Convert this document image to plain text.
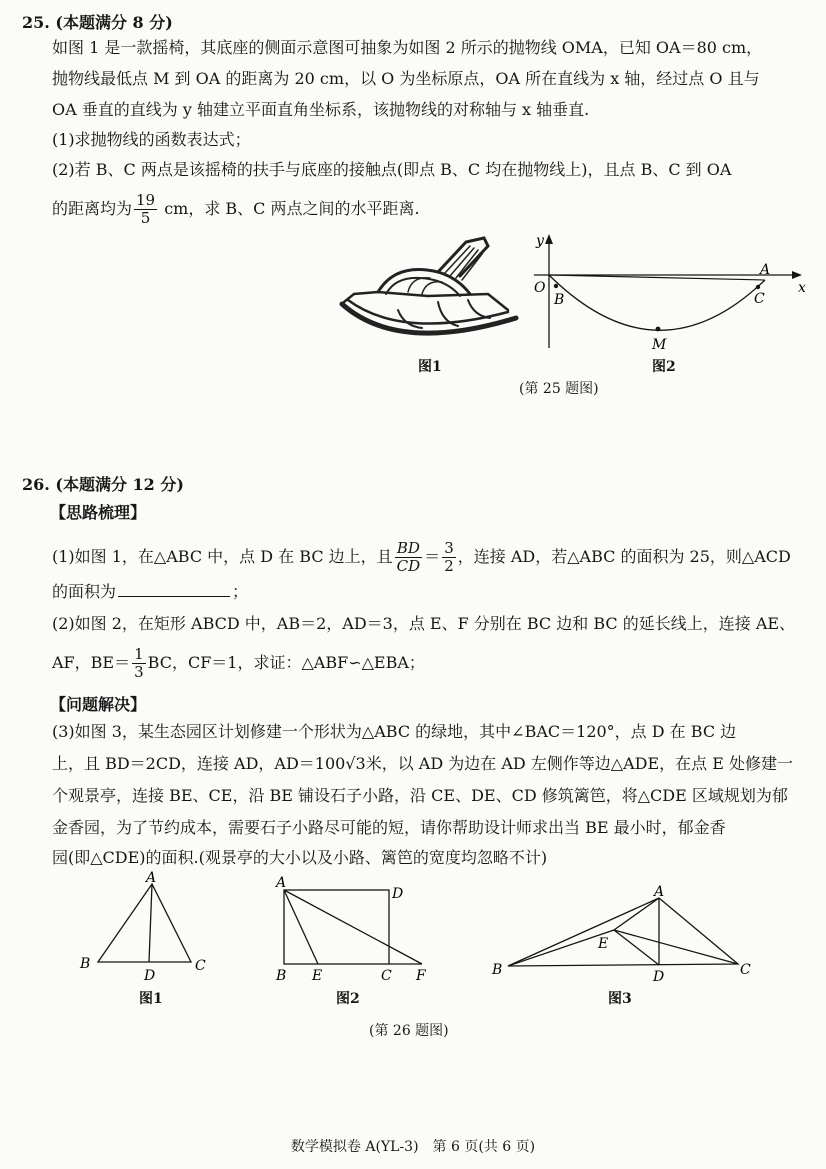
25. (本题满分 8 分)
如图 1 是一款摇椅，其底座的侧面示意图可抽象为如图 2 所示的抛物线 OMA，已知 OA＝80 cm，
抛物线最低点 M 到 OA 的距离为 20 cm，以 O 为坐标原点，OA 所在直线为 x 轴，经过点 O 且与
OA 垂直的直线为 y 轴建立平面直角坐标系，该抛物线的对称轴与 x 轴垂直.
(1)求抛物线的函数表达式；
(2)若 B、C 两点是该摇椅的扶手与底座的接触点(即点 B、C 均在抛物线上)，且点 B、C 到 OA
的距离均为 $\frac{19}{5}$ cm，求 B、C 两点之间的水平距离.
图1
y
x
O
A
B	C
M
图2
(第 25 题图)
26. (本题满分 12 分)
【思路梳理】
(1)如图 1，在△ABC 中，点 D 在 BC 边上，且 $\frac{BD}{CD} = \frac{3}{2}$ ，连接 AD，若△ABC 的面积为 25，则△ACD
的面积为	；
(2)如图 2，在矩形 ABCD 中，AB＝2，AD＝3，点 E、F 分别在 BC 边和 BC 的延长线上，连接 AE、
AF，$BE= \frac{1}{3}$ BC，CF＝1，求证：△ABF∽△EBA；
【问题解决】
(3)如图 3，某生态园区计划修建一个形状为△ABC 的绿地，其中∠BAC＝120°，点 D 在 BC 边
上，且 BD＝2CD，连接 AD，AD＝100√3米，以 AD 为边在 AD 左侧作等边△ADE，在点 E 处修建一
个观景亭，连接 BE、CE，沿 BE 铺设石子小路，沿 CE、DE、CD 修筑篱笆，将△CDE 区域规划为郁
金香园，为了节约成本，需要石子小路尽可能的短，请你帮助设计师求出当 BE 最小时，郁金香
园(即△CDE)的面积.(观景亭的大小以及小路、篱笆的宽度均忽略不计)
A
B	C
D
图1
A
D
B E	C F
图2
A
B	C
D
E
图3
(第 26 题图)
数学模拟卷 A(YL-3)　第 6 页(共 6 页)
